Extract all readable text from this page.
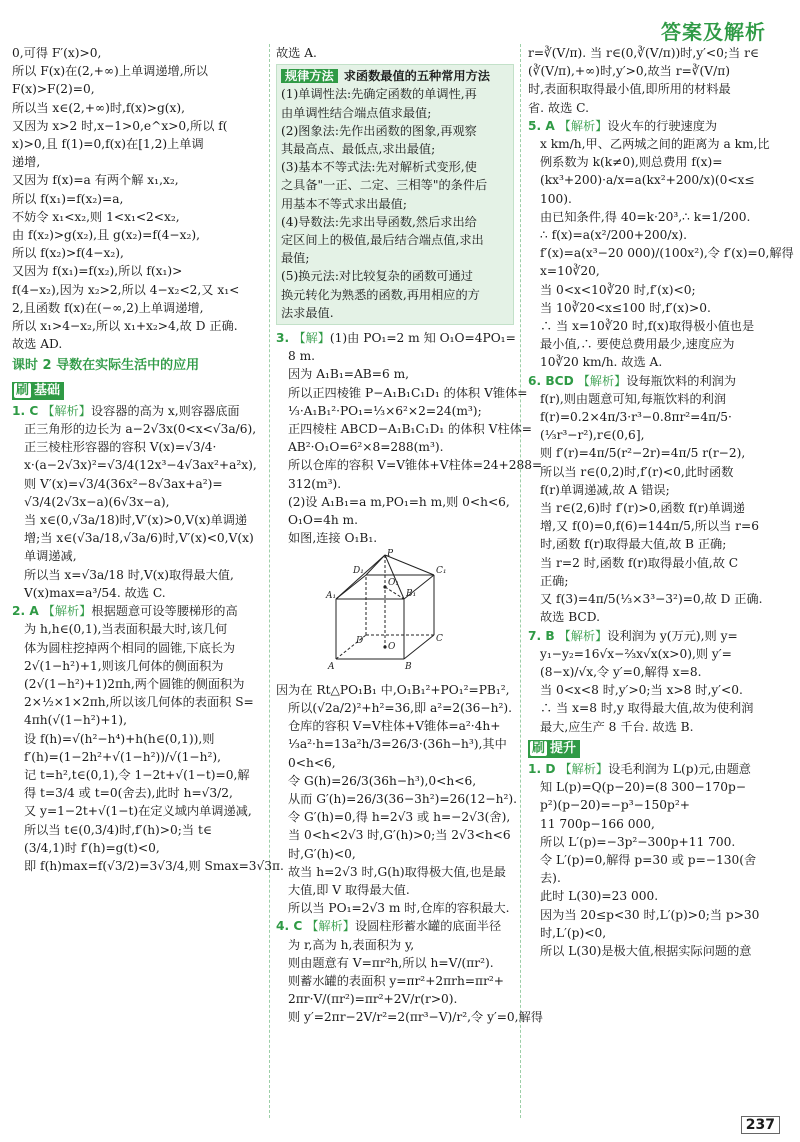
答案及解析
0,可得 F′(x)>0,
所以 F(x)在(2,+∞)上单调递增,所以
F(x)>F(2)=0,
所以当 x∈(2,+∞)时,f(x)>g(x),
又因为 x>2 时,x−1>0,e^x>0,所以 f(
x)>0,且 f(1)=0,f(x)在[1,2)上单调
递增,
又因为 f(x)=a 有两个解 x₁,x₂,
所以 f(x₁)=f(x₂)=a,
不妨令 x₁<x₂,则 1<x₁<2<x₂,
由 f(x₂)>g(x₂),且 g(x₂)=f(4−x₂),
所以 f(x₂)>f(4−x₂),
又因为 f(x₁)=f(x₂),所以 f(x₁)>
f(4−x₂),因为 x₂>2,所以 4−x₂<2,又 x₁<
2,且函数 f(x)在(−∞,2)上单调递增,
所以 x₁>4−x₂,所以 x₁+x₂>4,故 D 正确.
故选 AD.
课时 2 导数在实际生活中的应用
刷 基础
1. C 【解析】设容器的高为 x,则容器底面
正三角形的边长为 a−2√3x(0<x<√3a/6),
正三棱柱形容器的容积 V(x)=√3/4·
x·(a−2√3x)²=√3/4(12x³−4√3ax²+a²x),
则 V′(x)=√3/4(36x²−8√3ax+a²)=
√3/4(2√3x−a)(6√3x−a),
当 x∈(0,√3a/18)时,V′(x)>0,V(x)单调递
增;当 x∈(√3a/18,√3a/6)时,V′(x)<0,V(x)
单调递减,
所以当 x=√3a/18 时,V(x)取得最大值,
V(x)max=a³/54. 故选 C.
2. A 【解析】根据题意可设等腰梯形的高
为 h,h∈(0,1),当表面积最大时,该几何
体为圆柱挖掉两个相同的圆锥,下底长为
2√(1−h²)+1,则该几何体的侧面积为
(2√(1−h²)+1)2πh,两个圆锥的侧面积为
2×½×1×2πh,所以该几何体的表面积 S=
4πh(√(1−h²)+1),
设 f(h)=√(h²−h⁴)+h(h∈(0,1)),则
f′(h)=(1−2h²+√(1−h²))/√(1−h²),
记 t=h²,t∈(0,1),令 1−2t+√(1−t)=0,解
得 t=3/4 或 t=0(舍去),此时 h=√3/2,
又 y=1−2t+√(1−t)在定义域内单调递减,
所以当 t∈(0,3/4)时,f′(h)>0;当 t∈
(3/4,1)时 f′(h)=g(t)<0,
即 f(h)max=f(√3/2)=3√3/4,则 Smax=3√3π.
故选 A.
规律方法 求函数最值的五种常用方法
(1)单调性法:先确定函数的单调性,再
由单调性结合端点值求最值;
(2)图象法:先作出函数的图象,再观察
其最高点、最低点,求出最值;
(3)基本不等式法:先对解析式变形,使
之具备"一正、二定、三相等"的条件后
用基本不等式求出最值;
(4)导数法:先求出导函数,然后求出给
定区间上的极值,最后结合端点值,求出
最值;
(5)换元法:对比较复杂的函数可通过
换元转化为熟悉的函数,再用相应的方
法求最值.
3. 【解】(1)由 PO₁=2 m 知 O₁O=4PO₁=
8 m.
因为 A₁B₁=AB=6 m,
所以正四棱锥 P−A₁B₁C₁D₁ 的体积 V锥体=
⅓·A₁B₁²·PO₁=⅓×6²×2=24(m³);
正四棱柱 ABCD−A₁B₁C₁D₁ 的体积 V柱体=
AB²·O₁O=6²×8=288(m³).
所以仓库的容积 V=V锥体+V柱体=24+288=
312(m³).
(2)设 A₁B₁=a m,PO₁=h m,则 0<h<6,
O₁O=4h m.
如图,连接 O₁B₁.
P
D₁	C₁
O₁
B₁
A₁
D	C
O
A	B
因为在 Rt△PO₁B₁ 中,O₁B₁²+PO₁²=PB₁²,
所以(√2a/2)²+h²=36,即 a²=2(36−h²).
仓库的容积 V=V柱体+V锥体=a²·4h+
⅓a²·h=13a²h/3=26/3·(36h−h³),其中
0<h<6,
令 G(h)=26/3(36h−h³),0<h<6,
从而 G′(h)=26/3(36−3h²)=26(12−h²).
令 G′(h)=0,得 h=2√3 或 h=−2√3(舍),
当 0<h<2√3 时,G′(h)>0;当 2√3<h<6
时,G′(h)<0,
故当 h=2√3 时,G(h)取得极大值,也是最
大值,即 V 取得最大值.
所以当 PO₁=2√3 m 时,仓库的容积最大.
4. C 【解析】设圆柱形蓄水罐的底面半径
为 r,高为 h,表面积为 y,
则由题意有 V=πr²h,所以 h=V/(πr²).
则蓄水罐的表面积 y=πr²+2πrh=πr²+
2πr·V/(πr²)=πr²+2V/r(r>0).
则 y′=2πr−2V/r²=2(πr³−V)/r²,令 y′=0,解得
r=∛(V/π). 当 r∈(0,∛(V/π))时,y′<0;当 r∈
(∛(V/π),+∞)时,y′>0,故当 r=∛(V/π)
时,表面积取得最小值,即所用的材料最
省. 故选 C.
5. A 【解析】设火车的行驶速度为
x km/h,甲、乙两城之间的距离为 a km,比
例系数为 k(k≠0),则总费用 f(x)=
(kx³+200)·a/x=a(kx²+200/x)(0<x≤
100).
由已知条件,得 40=k·20³,∴ k=1/200.
∴ f(x)=a(x²/200+200/x).
f′(x)=a(x³−20 000)/(100x²),令 f′(x)=0,解得
x=10∛20,
当 0<x<10∛20 时,f′(x)<0;
当 10∛20<x≤100 时,f′(x)>0.
∴ 当 x=10∛20 时,f(x)取得极小值也是
最小值,∴ 要使总费用最少,速度应为
10∛20 km/h. 故选 A.
6. BCD 【解析】设每瓶饮料的利润为
f(r),则由题意可知,每瓶饮料的利润
f(r)=0.2×4π/3·r³−0.8πr²=4π/5·
(⅓r³−r²),r∈(0,6],
则 f′(r)=4π/5(r²−2r)=4π/5 r(r−2),
所以当 r∈(0,2)时,f′(r)<0,此时函数
f(r)单调递减,故 A 错误;
当 r∈(2,6)时 f′(r)>0,函数 f(r)单调递
增,又 f(0)=0,f(6)=144π/5,所以当 r=6
时,函数 f(r)取得最大值,故 B 正确;
当 r=2 时,函数 f(r)取得最小值,故 C
正确;
又 f(3)=4π/5(⅓×3³−3²)=0,故 D 正确.
故选 BCD.
7. B 【解析】设利润为 y(万元),则 y=
y₁−y₂=16√x−⅔x√x(x>0),则 y′=
(8−x)/√x,令 y′=0,解得 x=8.
当 0<x<8 时,y′>0;当 x>8 时,y′<0.
∴ 当 x=8 时,y 取得最大值,故为使利润
最大,应生产 8 千台. 故选 B.
刷 提升
1. D 【解析】设毛利润为 L(p)元,由题意
知 L(p)=Q(p−20)=(8 300−170p−
p²)(p−20)=−p³−150p²+
11 700p−166 000,
所以 L′(p)=−3p²−300p+11 700.
令 L′(p)=0,解得 p=30 或 p=−130(舍
去).
此时 L(30)=23 000.
因为当 20≤p<30 时,L′(p)>0;当 p>30
时,L′(p)<0,
所以 L(30)是极大值,根据实际问题的意
237
